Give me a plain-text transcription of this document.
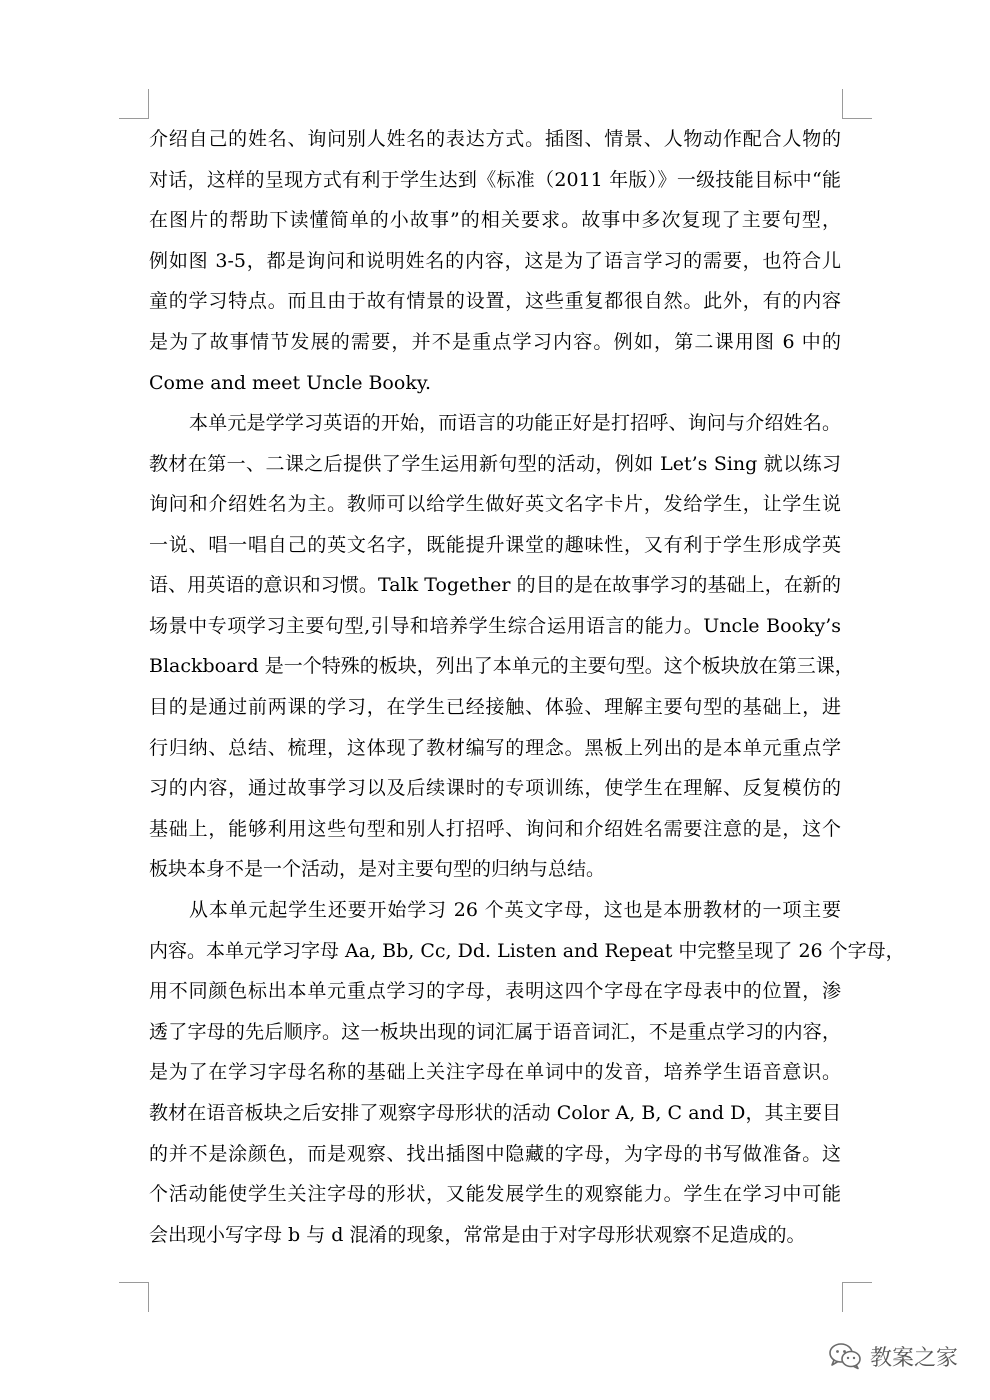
介绍自己的姓名、询问别人姓名的表达方式。插图、情景、人物动作配合人物的
对话，这样的呈现方式有利于学生达到《标准（2011 年版）》一级技能目标中“能
在图片的帮助下读懂简单的小故事”的相关要求。故事中多次复现了主要句型，
例如图 3-5，都是询问和说明姓名的内容，这是为了语言学习的需要，也符合儿
童的学习特点。而且由于故有情景的设置，这些重复都很自然。此外，有的内容
是为了故事情节发展的需要，并不是重点学习内容。例如，第二课用图 6 中的
Come and meet Uncle Booky.
本单元是学学习英语的开始，而语言的功能正好是打招呼、询问与介绍姓名。
教材在第一、二课之后提供了学生运用新句型的活动，例如 Let’s Sing 就以练习
询问和介绍姓名为主。教师可以给学生做好英文名字卡片，发给学生，让学生说
一说、唱一唱自己的英文名字，既能提升课堂的趣味性，又有利于学生形成学英
语、用英语的意识和习惯。Talk Together 的目的是在故事学习的基础上，在新的
场景中专项学习主要句型,引导和培养学生综合运用语言的能力。Uncle Booky’s
Blackboard 是一个特殊的板块，列出了本单元的主要句型。这个板块放在第三课，
目的是通过前两课的学习，在学生已经接触、体验、理解主要句型的基础上，进
行归纳、总结、梳理，这体现了教材编写的理念。黑板上列出的是本单元重点学
习的内容，通过故事学习以及后续课时的专项训练，使学生在理解、反复模仿的
基础上，能够利用这些句型和别人打招呼、询问和介绍姓名需要注意的是，这个
板块本身不是一个活动，是对主要句型的归纳与总结。
从本单元起学生还要开始学习 26 个英文字母，这也是本册教材的一项主要
内容。本单元学习字母 Aa, Bb, Cc, Dd. Listen and Repeat 中完整呈现了 26 个字母，
用不同颜色标出本单元重点学习的字母，表明这四个字母在字母表中的位置，渗
透了字母的先后顺序。这一板块出现的词汇属于语音词汇，不是重点学习的内容，
是为了在学习字母名称的基础上关注字母在单词中的发音，培养学生语音意识。
教材在语音板块之后安排了观察字母形状的活动 Color A, B, C and D，其主要目
的并不是涂颜色，而是观察、找出插图中隐藏的字母，为字母的书写做准备。这
个活动能使学生关注字母的形状，又能发展学生的观察能力。学生在学习中可能
会出现小写字母 b 与 d 混淆的现象，常常是由于对字母形状观察不足造成的。
教案之家
